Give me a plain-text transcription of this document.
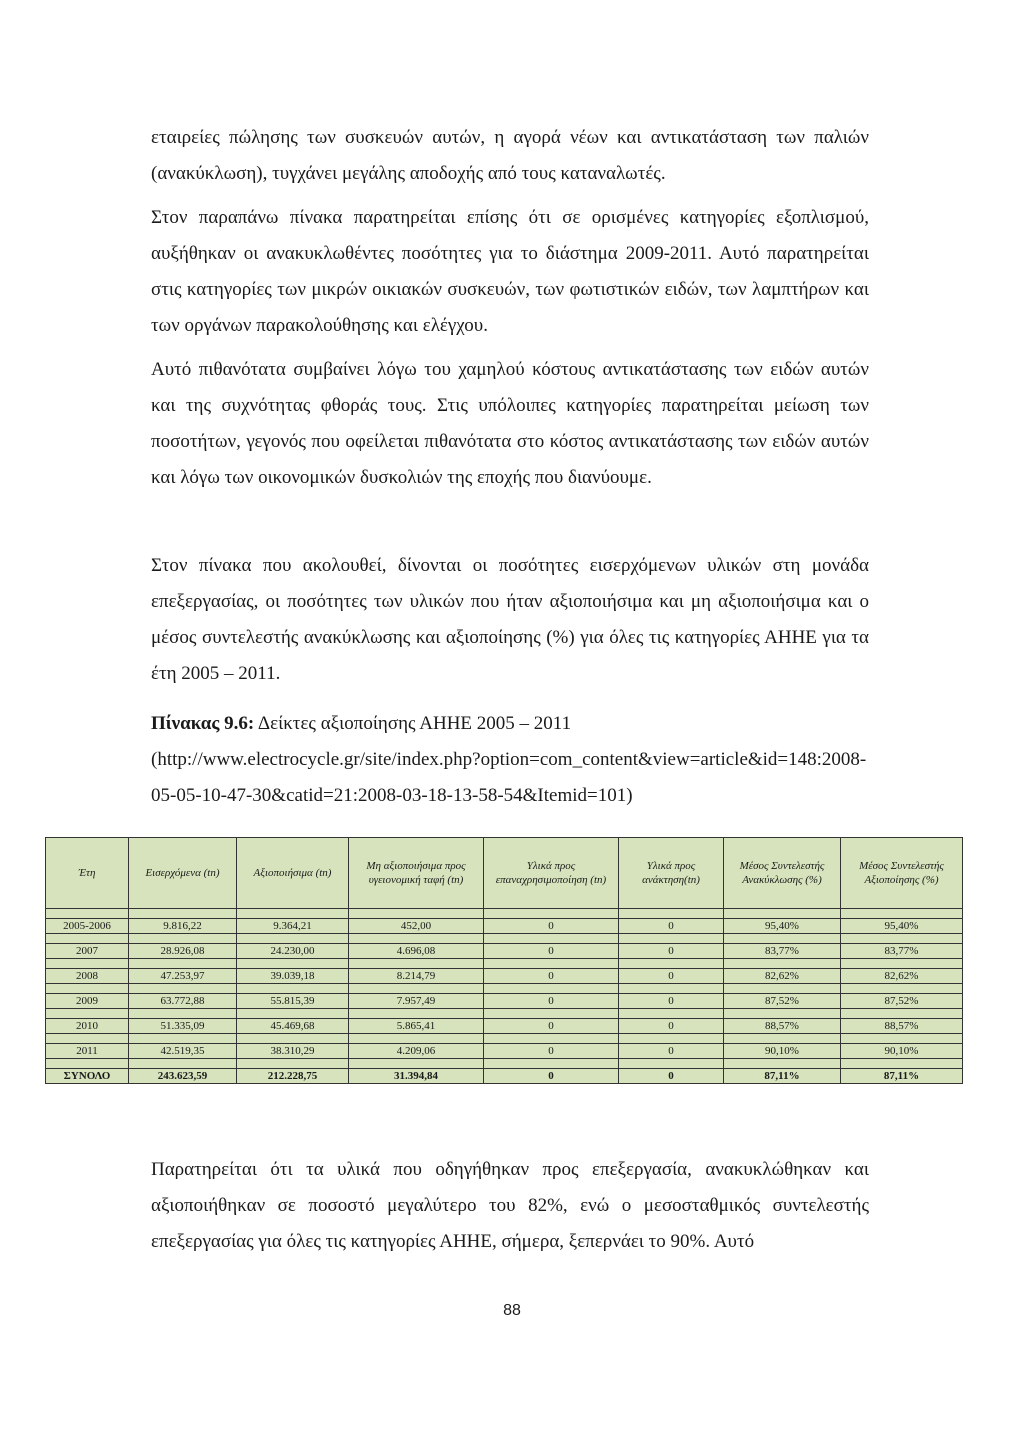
εταιρείες πώλησης των συσκευών αυτών, η αγορά νέων και αντικατάσταση των παλιών (ανακύκλωση), τυγχάνει μεγάλης αποδοχής από τους καταναλωτές.

Στον παραπάνω πίνακα παρατηρείται επίσης ότι σε ορισμένες κατηγορίες εξοπλισμού, αυξήθηκαν οι ανακυκλωθέντες ποσότητες για το διάστημα 2009-2011. Αυτό παρατηρείται στις κατηγορίες των μικρών οικιακών συσκευών, των φωτιστικών ειδών, των λαμπτήρων και των οργάνων παρακολούθησης και ελέγχου.

Αυτό πιθανότατα συμβαίνει λόγω του χαμηλού κόστους αντικατάστασης των ειδών αυτών και της συχνότητας φθοράς τους. Στις υπόλοιπες κατηγορίες παρατηρείται μείωση των ποσοτήτων, γεγονός που οφείλεται πιθανότατα στο κόστος αντικατάστασης των ειδών αυτών και λόγω των οικονομικών δυσκολιών της εποχής που διανύουμε.

Στον πίνακα που ακολουθεί, δίνονται οι ποσότητες εισερχόμενων υλικών στη μονάδα επεξεργασίας, οι ποσότητες των υλικών που ήταν αξιοποιήσιμα και μη αξιοποιήσιμα και ο μέσος συντελεστής ανακύκλωσης και αξιοποίησης (%) για όλες τις κατηγορίες ΑΗΗΕ για τα έτη 2005 – 2011.

Πίνακας 9.6: Δείκτες αξιοποίησης ΑΗΗΕ 2005 – 2011

(http://www.electrocycle.gr/site/index.php?option=com_content&view=article&id=148:2008-05-05-10-47-30&catid=21:2008-03-18-13-58-54&Itemid=101)

Έτη	Εισερχόμενα (tn)	Αξιοποιήσιμα (tn)	Μη αξιοποιήσιμα προς υγειονομική ταφή (tn)	Υλικά προς επαναχρησιμοποίηση (tn)	Υλικά προς ανάκτηση(tn)	Μέσος Συντελεστής Ανακύκλωσης (%)	Μέσος Συντελεστής Αξιοποίησης (%)

2005-2006	9.816,22	9.364,21	452,00	0	0	95,40%	95,40%

2007	28.926,08	24.230,00	4.696,08	0	0	83,77%	83,77%

2008	47.253,97	39.039,18	8.214,79	0	0	82,62%	82,62%

2009	63.772,88	55.815,39	7.957,49	0	0	87,52%	87,52%

2010	51.335,09	45.469,68	5.865,41	0	0	88,57%	88,57%

2011	42.519,35	38.310,29	4.209,06	0	0	90,10%	90,10%

ΣΥΝΟΛΟ	243.623,59	212.228,75	31.394,84	0	0	87,11%	87,11%

Παρατηρείται ότι τα υλικά που οδηγήθηκαν προς επεξεργασία, ανακυκλώθηκαν και αξιοποιήθηκαν σε ποσοστό μεγαλύτερο του 82%, ενώ ο μεσοσταθμικός συντελεστής επεξεργασίας για όλες τις κατηγορίες ΑΗΗΕ, σήμερα, ξεπερνάει το 90%. Αυτό

88
